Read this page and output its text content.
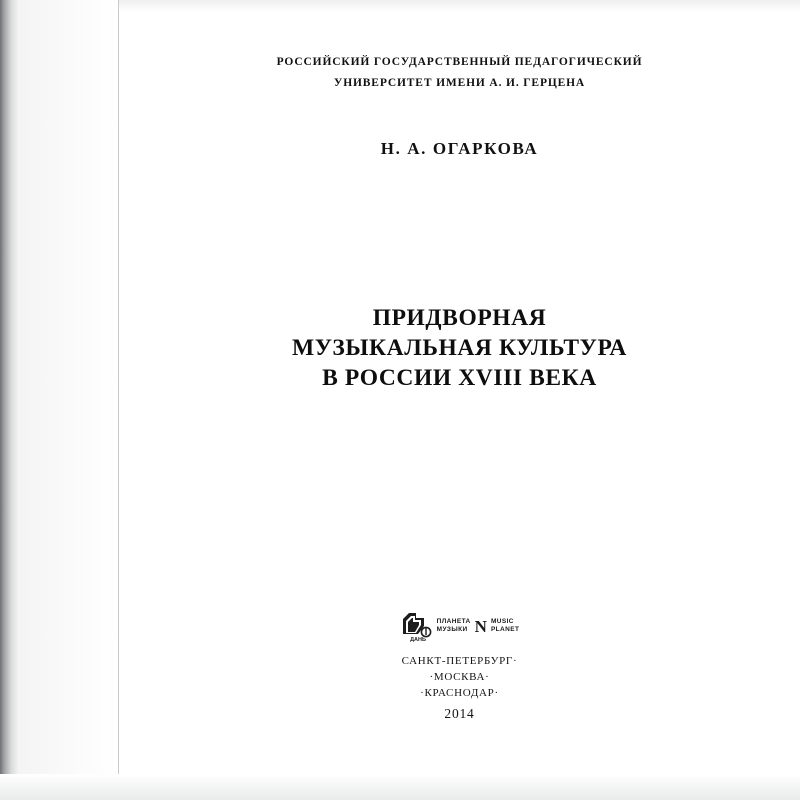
РОССИЙСКИЙ ГОСУДАРСТВЕННЫЙ ПЕДАГОГИЧЕСКИЙ
УНИВЕРСИТЕТ ИМЕНИ А. И. ГЕРЦЕНА
Н. А. ОГАРКОВА
ПРИДВОРНАЯ
МУЗЫКАЛЬНАЯ КУЛЬТУРА
В РОССИИ XVIII ВЕКА
ДАНЬ
ПЛАНЕТА
МУЗЫКИ N MUSIC
PLANET
САНКТ-ПЕТЕРБУРГ·
·МОСКВА·
·КРАСНОДАР·
2014
